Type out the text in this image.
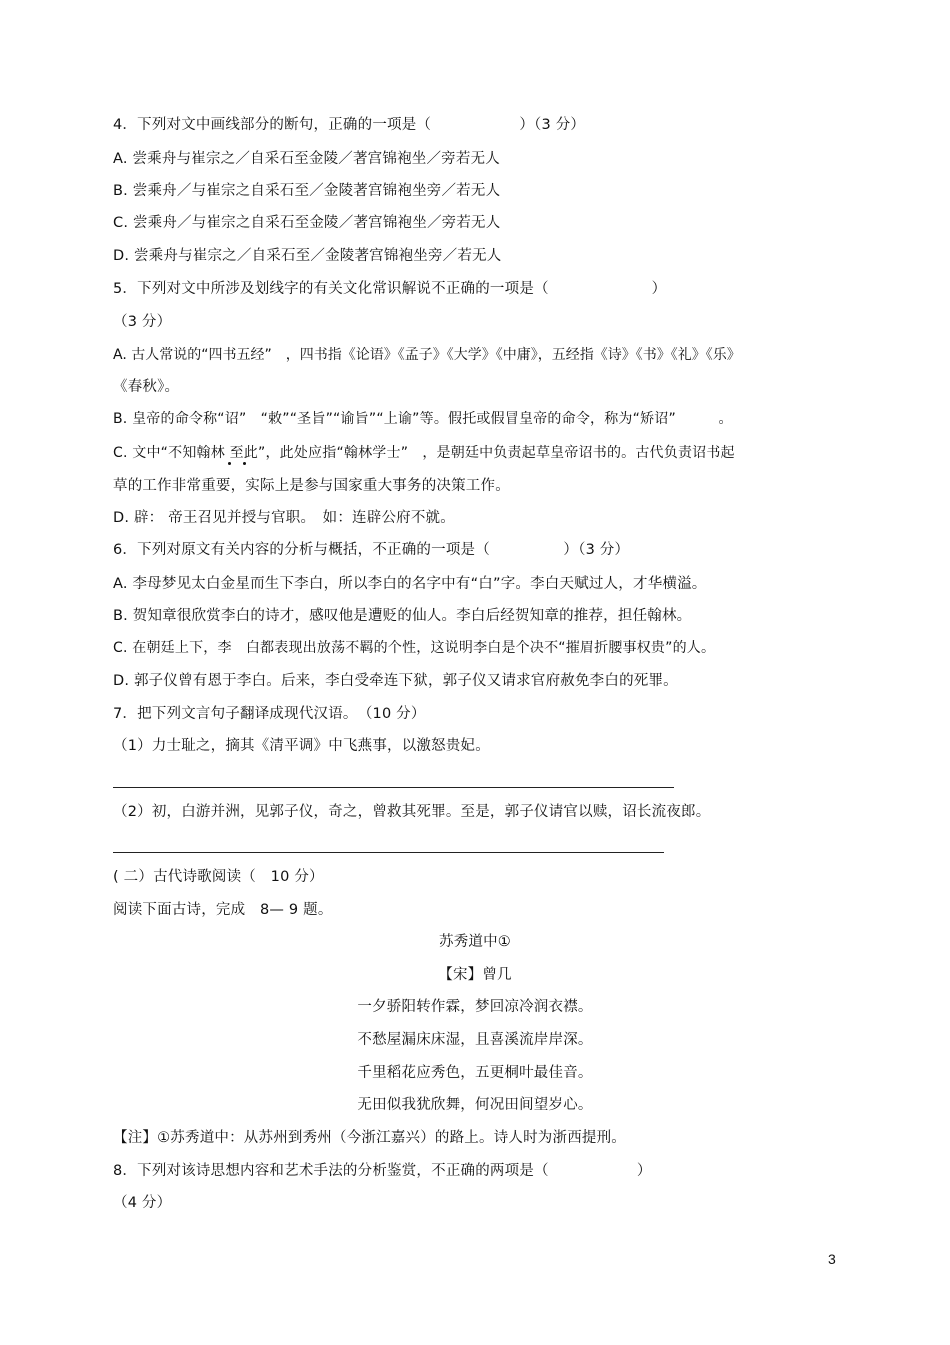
4．下列对文中画线部分的断句，正确的一项是（　　　　　　）（3 分）
A. 尝乘舟与崔宗之／自采石至金陵／著宫锦袍坐／旁若无人
B. 尝乘舟／与崔宗之自采石至／金陵著宫锦袍坐旁／若无人
C. 尝乘舟／与崔宗之自采石至金陵／著宫锦袍坐／旁若无人
D. 尝乘舟与崔宗之／自采石至／金陵著宫锦袍坐旁／若无人
5．下列对文中所涉及划线字的有关文化常识解说不正确的一项是（　　　　　　　）
（3 分）
A. 古人常说的“四书五经”　，四书指《论语》《孟子》《大学》《中庸》，五经指《诗》《书》《礼》《乐》
《春秋》。
B. 皇帝的命令称“诏”　“敕”“圣旨”“谕旨”“上谕”等。假托或假冒皇帝的命令，称为“矫诏”　　　。
C. 文中“不知翰林 至此”，此处应指“翰林学士”　，是朝廷中负责起草皇帝诏书的。古代负责诏书起
草的工作非常重要，实际上是参与国家重大事务的决策工作。
D. 辟： 帝王召见并授与官职。　如：连辟公府不就。
6．下列对原文有关内容的分析与概括，不正确的一项是（　　　　　）（3 分）
A. 李母梦见太白金星而生下李白，所以李白的名字中有“白”字。李白天赋过人，才华横溢。
B. 贺知章很欣赏李白的诗才，感叹他是遭贬的仙人。李白后经贺知章的推荐，担任翰林。
C. 在朝廷上下，李　白都表现出放荡不羁的个性，这说明李白是个决不“摧眉折腰事权贵”的人。
D. 郭子仪曾有恩于李白。后来，李白受牵连下狱，郭子仪又请求官府赦免李白的死罪。
7．把下列文言句子翻译成现代汉语。　（10 分）
（1）力士耻之，摘其《清平调》中飞燕事，以激怒贵妃。
（2）初，白游并洲，见郭子仪，奇之，曾救其死罪。至是，郭子仪请官以赎，诏长流夜郎。
( 二）古代诗歌阅读（　10 分）
阅读下面古诗，完成　8— 9 题。
苏秀道中①
【宋】曾几
一夕骄阳转作霖，梦回凉冷润衣襟。
不愁屋漏床床湿，且喜溪流岸岸深。
千里稻花应秀色，五更桐叶最佳音。
无田似我犹欣舞，何况田间望岁心。
【注】①苏秀道中：从苏州到秀州（今浙江嘉兴）的路上。诗人时为浙西提刑。
8．下列对该诗思想内容和艺术手法的分析鉴赏，不正确的两项是（　　　　　　）
（4 分）
3
